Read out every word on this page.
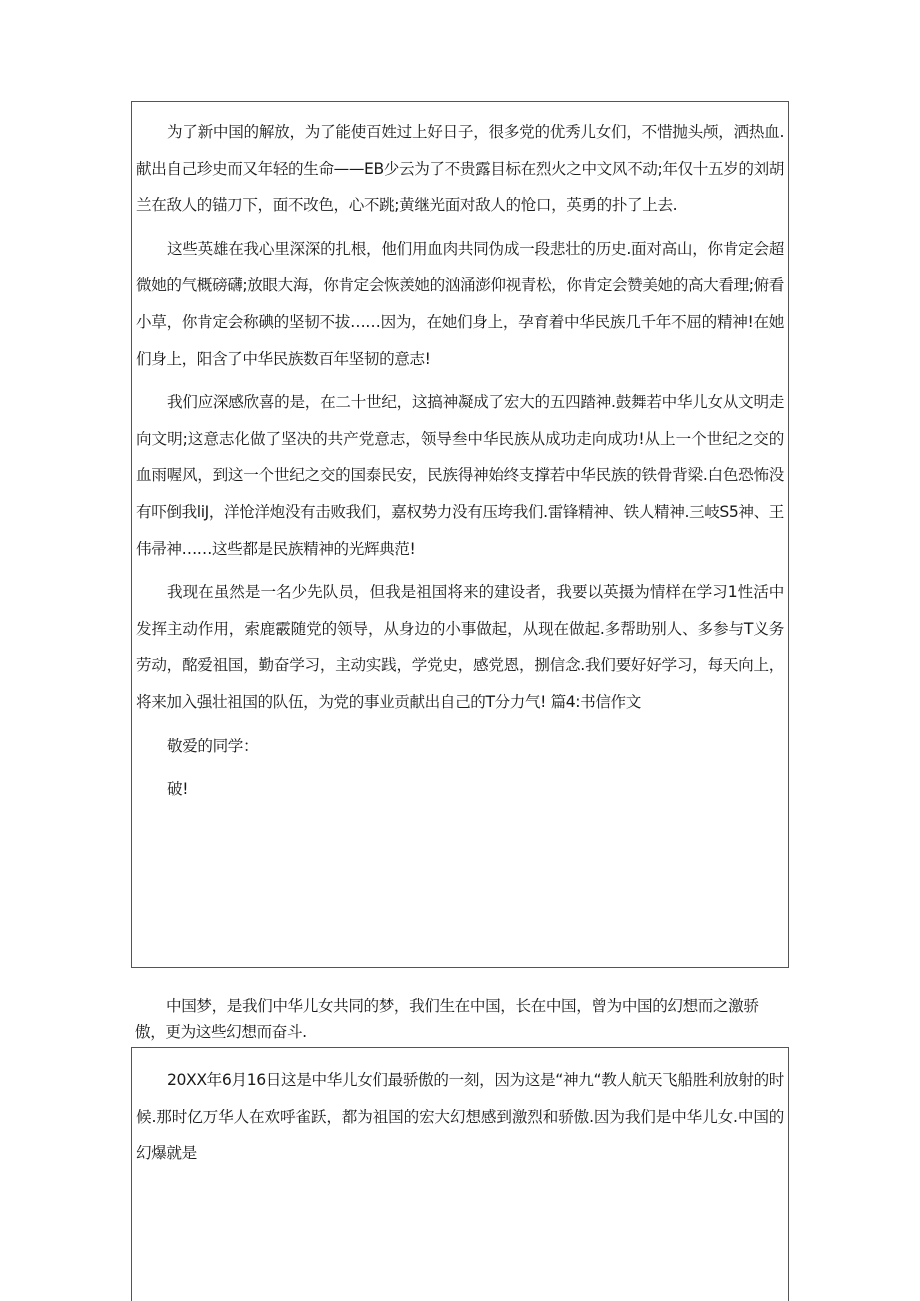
为了新中国的解放，为了能使百姓过上好日子，很多党的优秀儿女们，不惜抛头颅，洒热血.献出自己珍史而又年轻的生命——EB少云为了不贵露目标在烈火之中文风不动;年仅十五岁的刘胡兰在敌人的锚刀下，面不改色，心不跳;黄继光面对敌人的怆口，英勇的扑了上去.

这些英雄在我心里深深的扎根，他们用血肉共同伪成一段悲壮的历史.面对高山，你肯定会超微她的气概磅礴;放眼大海，你肯定会恢羡她的汹涌澎仰视青松，你肯定会赞美她的高大看理;俯看小草，你肯定会称碘的坚韧不拔……因为，在她们身上，孕育着中华民族几千年不屈的精神!在她们身上，阳含了中华民族数百年坚韧的意志!

我们应深感欣喜的是，在二十世纪，这搞神凝成了宏大的五四踏神.鼓舞若中华儿女从文明走向文明;这意志化做了坚决的共产党意志，领导叁中华民族从成功走向成功!从上一个世纪之交的血雨喔风，到这一个世纪之交的国泰民安，民族得神始终支撑若中华民族的铁骨背梁.白色恐怖没有吓倒我liJ，洋怆洋炮没有击败我们，嘉权势力没有压垮我们.雷锋精神、铁人精神.三岐S5神、王伟帚神……这些都是民族精神的光辉典范!

我现在虽然是一名少先队员，但我是祖国将来的建设者，我要以英摄为情样在学习1性活中发挥主动作用，索鹿霰随党的领导，从身边的小事做起，从现在做起.多帮助别人、多参与T义务劳动，酩爱祖国，勤奋学习，主动实践，学党史，感党恩，捌信念.我们要好好学习，每天向上，将来加入强壮祖国的队伍，为党的事业贡献出自己的T分力气! 篇4:书信作文

敬爱的同学：

破!

中国梦，是我们中华儿女共同的梦，我们生在中国，长在中国，曾为中国的幻想而之激骄傲，更为这些幻想而奋斗.

20XX年6月16日这是中华儿女们最骄傲的一刻，因为这是“神九“教人航天飞船胜利放射的时候.那时亿万华人在欢呼雀跃，都为祖国的宏大幻想感到激烈和骄傲.因为我们是中华儿女.中国的幻爆就是
